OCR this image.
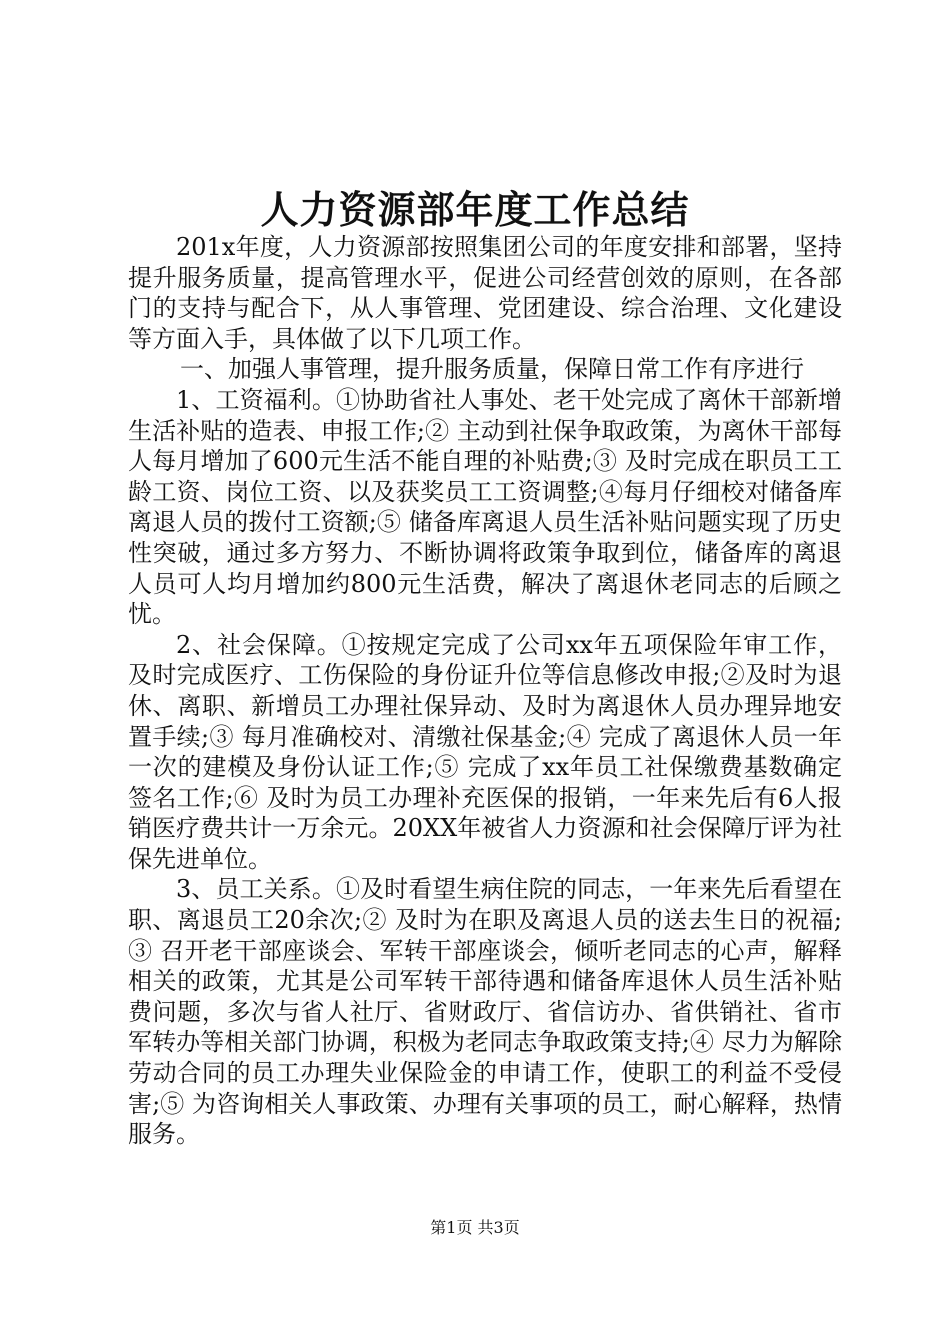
人力资源部年度工作总结

201x年度，人力资源部按照集团公司的年度安排和部署，坚持提升服务质量，提高管理水平，促进公司经营创效的原则，在各部门的支持与配合下，从人事管理、党团建设、综合治理、文化建设等方面入手，具体做了以下几项工作。

一、加强人事管理，提升服务质量，保障日常工作有序进行

1、工资福利。①协助省社人事处、老干处完成了离休干部新增生活补贴的造表、申报工作;② 主动到社保争取政策，为离休干部每人每月增加了600元生活不能自理的补贴费;③ 及时完成在职员工工龄工资、岗位工资、以及获奖员工工资调整;④每月仔细校对储备库离退人员的拨付工资额;⑤ 储备库离退人员生活补贴问题实现了历史性突破，通过多方努力、不断协调将政策争取到位，储备库的离退人员可人均月增加约800元生活费，解决了离退休老同志的后顾之忧。

2、社会保障。①按规定完成了公司xx年五项保险年审工作，及时完成医疗、工伤保险的身份证升位等信息修改申报;②及时为退休、离职、新增员工办理社保异动、及时为离退休人员办理异地安置手续;③ 每月准确校对、清缴社保基金;④ 完成了离退休人员一年一次的建模及身份认证工作;⑤ 完成了xx年员工社保缴费基数确定签名工作;⑥ 及时为员工办理补充医保的报销，一年来先后有6人报销医疗费共计一万余元。20XX年被省人力资源和社会保障厅评为社保先进单位。

3、员工关系。①及时看望生病住院的同志，一年来先后看望在职、离退员工20余次;② 及时为在职及离退人员的送去生日的祝福;③ 召开老干部座谈会、军转干部座谈会，倾听老同志的心声，解释相关的政策，尤其是公司军转干部待遇和储备库退休人员生活补贴费问题，多次与省人社厅、省财政厅、省信访办、省供销社、省市军转办等相关部门协调，积极为老同志争取政策支持;④ 尽力为解除劳动合同的员工办理失业保险金的申请工作，使职工的利益不受侵害;⑤ 为咨询相关人事政策、办理有关事项的员工，耐心解释，热情服务。

第1页 共3页
